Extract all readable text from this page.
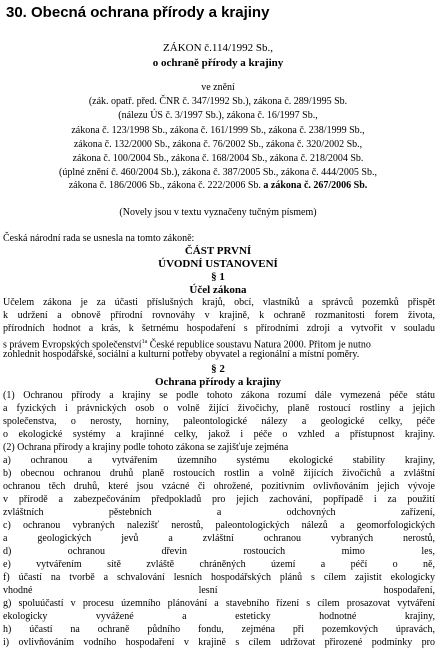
30. Obecná ochrana přírody a krajiny
ZÁKON č.114/1992 Sb.,
o ochraně přírody a krajiny
ve znění
(zák. opatř. před. ČNR č. 347/1992 Sb.), zákona č. 289/1995 Sb.
(nálezu ÚS č. 3/1997 Sb.), zákona č. 16/1997 Sb.,
zákona č. 123/1998 Sb., zákona č. 161/1999 Sb., zákona č. 238/1999 Sb.,
zákona č. 132/2000 Sb., zákona č. 76/2002 Sb., zákona č. 320/2002 Sb.,
zákona č. 100/2004 Sb., zákona č. 168/2004 Sb., zákona č. 218/2004 Sb.
(úplné znění č. 460/2004 Sb.), zákona č. 387/2005 Sb., zákona č. 444/2005 Sb.,
zákona č. 186/2006 Sb., zákona č. 222/2006 Sb. a zákona č. 267/2006 Sb.
(Novely jsou v textu vyznačeny tučným písmem)
Česká národní rada se usnesla na tomto zákoně:
ČÁST PRVNÍ
ÚVODNÍ USTANOVENÍ
§ 1
Účel zákona
Účelem zákona je za účasti příslušných krajů, obcí, vlastníků a správců pozemků přispět
k udržení a obnově přírodní rovnováhy v krajině, k ochraně rozmanitosti forem života,
přírodních hodnot a krás, k šetrnému hospodaření s přírodními zdroji a vytvořit v souladu
s právem Evropských společenství$^{1a}$ České republice soustavu Natura 2000. Přitom je nutno
zohlednit hospodářské, sociální a kulturní potřeby obyvatel a regionální a místní poměry.
§ 2
Ochrana přírody a krajiny
(1) Ochranou přírody a krajiny se podle tohoto zákona rozumí dále vymezená péče státu
a fyzických i právnických osob o volně žijící živočichy, planě rostoucí rostliny a jejich
společenstva, o nerosty, horniny, paleontologické nálezy a geologické celky, péče
o ekologické systémy a krajinné celky, jakož i péče o vzhled a přístupnost krajiny.
(2) Ochrana přírody a krajiny podle tohoto zákona se zajišťuje zejména
a) ochranou a vytvářením územního systému ekologické stability krajiny,
b) obecnou ochranou druhů planě rostoucích rostlin a volně žijících živočichů a zvláštní
ochranou těch druhů, které jsou vzácné či ohrožené, pozitivním ovlivňováním jejich vývoje
v přírodě a zabezpečováním předpokladů pro jejich zachování, popřípadě i za použití
zvláštních pěstebních a odchovných zařízení,
c) ochranou vybraných nalezišť nerostů, paleontologických nálezů a geomorfologických
a geologických jevů a zvláštní ochranou vybraných nerostů,
d) ochranou dřevin rostoucích mimo les,
e) vytvářením sítě zvláště chráněných území a péčí o ně,
f) účastí na tvorbě a schvalování lesních hospodářských plánů s cílem zajistit ekologicky
vhodné lesní hospodaření,
g) spoluúčastí v procesu územního plánování a stavebního řízení s cílem prosazovat vytváření
ekologicky vyvážené a esteticky hodnotné krajiny,
h) účastí na ochraně půdního fondu, zejména při pozemkových úpravách,
i) ovlivňováním vodního hospodaření v krajině s cílem udržovat přirozené podmínky pro
